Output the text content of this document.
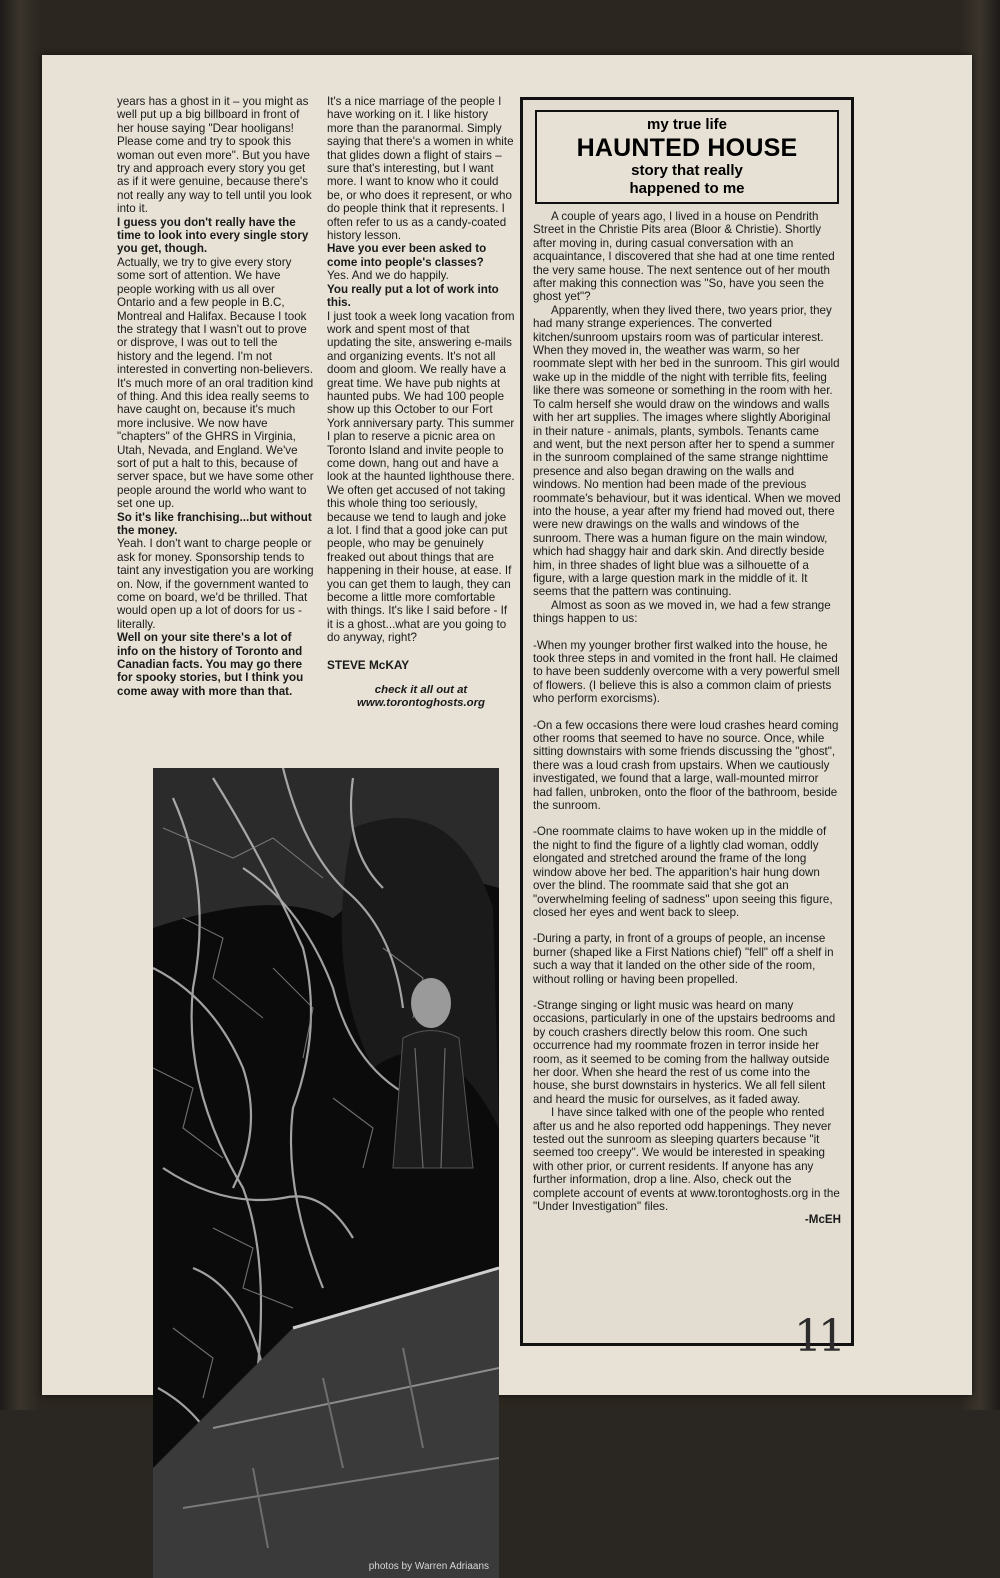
years has a ghost in it – you might as well put up a big billboard in front of her house saying "Dear hooligans! Please come and try to spook this woman out even more". But you have try and approach every story you get as if it were genuine, because there's not really any way to tell until you look into it.

I guess you don't really have the time to look into every single story you get, though.

Actually, we try to give every story some sort of attention. We have people working with us all over Ontario and a few people in B.C, Montreal and Halifax. Because I took the strategy that I wasn't out to prove or disprove, I was out to tell the history and the legend. I'm not interested in converting non-believers. It's much more of an oral tradition kind of thing. And this idea really seems to have caught on, because it's much more inclusive. We now have "chapters" of the GHRS in Virginia, Utah, Nevada, and England. We've sort of put a halt to this, because of server space, but we have some other people around the world who want to set one up.

So it's like franchising...but without the money.

Yeah. I don't want to charge people or ask for money. Sponsorship tends to taint any investigation you are working on. Now, if the government wanted to come on board, we'd be thrilled. That would open up a lot of doors for us - literally.

Well on your site there's a lot of info on the history of Toronto and Canadian facts. You may go there for spooky stories, but I think you come away with more than that.

It's a nice marriage of the people I have working on it. I like history more than the paranormal. Simply saying that there's a women in white that glides down a flight of stairs – sure that's interesting, but I want more. I want to know who it could be, or who does it represent, or who do people think that it represents. I often refer to us as a candy-coated history lesson.

Have you ever been asked to come into people's classes?

Yes. And we do happily.

You really put a lot of work into this.

I just took a week long vacation from work and spent most of that updating the site, answering e-mails and organizing events. It's not all doom and gloom. We really have a great time. We have pub nights at haunted pubs. We had 100 people show up this October to our Fort York anniversary party. This summer I plan to reserve a picnic area on Toronto Island and invite people to come down, hang out and have a look at the haunted lighthouse there. We often get accused of not taking this whole thing too seriously, because we tend to laugh and joke a lot. I find that a good joke can put people, who may be genuinely freaked out about things that are happening in their house, at ease. If you can get them to laugh, they can become a little more comfortable with things. It's like I said before - If it is a ghost...what are you going to do anyway, right?

STEVE McKAY

check it all out at
www.torontoghosts.org

photos by Warren Adriaans
my true life
HAUNTED HOUSE
story that really
happened to me

A couple of years ago, I lived in a house on Pendrith Street in the Christie Pits area (Bloor & Christie). Shortly after moving in, during casual conversation with an acquaintance, I discovered that she had at one time rented the very same house. The next sentence out of her mouth after making this connection was "So, have you seen the ghost yet"?

Apparently, when they lived there, two years prior, they had many strange experiences. The converted kitchen/sunroom upstairs room was of particular interest. When they moved in, the weather was warm, so her roommate slept with her bed in the sunroom. This girl would wake up in the middle of the night with terrible fits, feeling like there was someone or something in the room with her. To calm herself she would draw on the windows and walls with her art supplies. The images where slightly Aboriginal in their nature - animals, plants, symbols. Tenants came and went, but the next person after her to spend a summer in the sunroom complained of the same strange nighttime presence and also began drawing on the walls and windows. No mention had been made of the previous roommate's behaviour, but it was identical. When we moved into the house, a year after my friend had moved out, there were new drawings on the walls and windows of the sunroom. There was a human figure on the main window, which had shaggy hair and dark skin. And directly beside him, in three shades of light blue was a silhouette of a figure, with a large question mark in the middle of it. It seems that the pattern was continuing.

Almost as soon as we moved in, we had a few strange things happen to us:

-When my younger brother first walked into the house, he took three steps in and vomited in the front hall. He claimed to have been suddenly overcome with a very powerful smell of flowers. (I believe this is also a common claim of priests who perform exorcisms).

-On a few occasions there were loud crashes heard coming other rooms that seemed to have no source. Once, while sitting downstairs with some friends discussing the "ghost", there was a loud crash from upstairs. When we cautiously investigated, we found that a large, wall-mounted mirror had fallen, unbroken, onto the floor of the bathroom, beside the sunroom.

-One roommate claims to have woken up in the middle of the night to find the figure of a lightly clad woman, oddly elongated and stretched around the frame of the long window above her bed. The apparition's hair hung down over the blind. The roommate said that she got an "overwhelming feeling of sadness" upon seeing this figure, closed her eyes and went back to sleep.

-During a party, in front of a groups of people, an incense burner (shaped like a First Nations chief) "fell" off a shelf in such a way that it landed on the other side of the room, without rolling or having been propelled.

-Strange singing or light music was heard on many occasions, particularly in one of the upstairs bedrooms and by couch crashers directly below this room. One such occurrence had my roommate frozen in terror inside her room, as it seemed to be coming from the hallway outside her door. When she heard the rest of us come into the house, she burst downstairs in hysterics. We all fell silent and heard the music for ourselves, as it faded away.

I have since talked with one of the people who rented after us and he also reported odd happenings. They never tested out the sunroom as sleeping quarters because "it seemed too creepy". We would be interested in speaking with other prior, or current residents. If anyone has any further information, drop a line. Also, check out the complete account of events at www.torontoghosts.org in the "Under Investigation" files.

-McEH

11
